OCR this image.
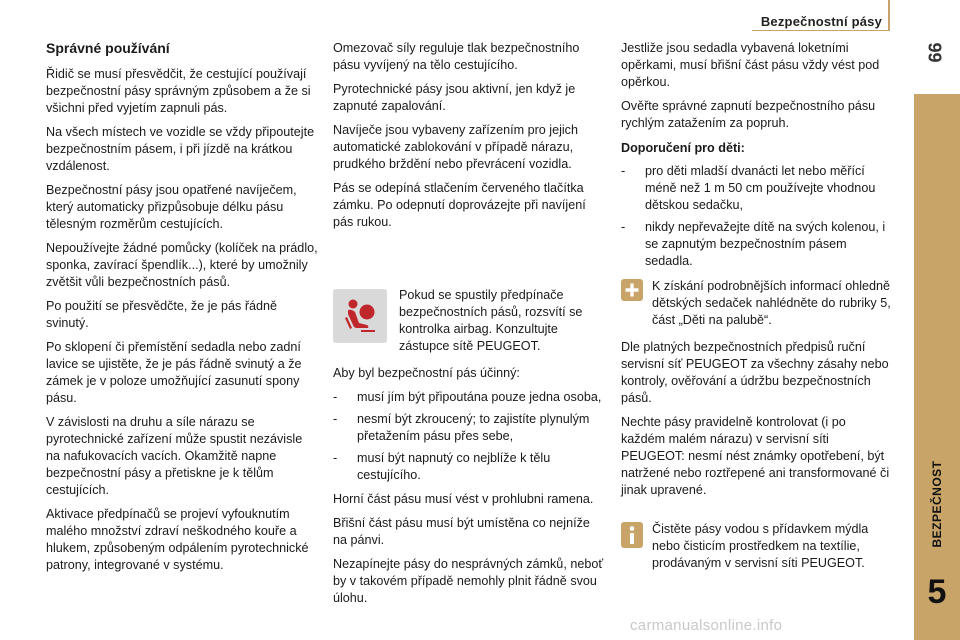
Bezpečnostní pásy
99
BEZPEČNOST
5
Správné používání

Řidič se musí přesvědčit, že cestující používají bezpečnostní pásy správným způsobem a že si všichni před vyjetím zapnuli pás.

Na všech místech ve vozidle se vždy připoutejte bezpečnostním pásem, i při jízdě na krátkou vzdálenost.

Bezpečnostní pásy jsou opatřené navíječem, který automaticky přizpůsobuje délku pásu tělesným rozměrům cestujících.

Nepoužívejte žádné pomůcky (kolíček na prádlo, sponka, zavírací špendlík...), které by umožnily zvětšit vůli bezpečnostních pásů.

Po použití se přesvědčte, že je pás řádně svinutý.

Po sklopení či přemístění sedadla nebo zadní lavice se ujistěte, že je pás řádně svinutý a že zámek je v poloze umožňující zasunutí spony pásu.

V závislosti na druhu a síle nárazu se pyrotechnické zařízení může spustit nezávisle na nafukovacích vacích. Okamžitě napne bezpečnostní pásy a přetiskne je k tělům cestujících.

Aktivace předpínačů se projeví vyfouknutím malého množství zdraví neškodného kouře a hlukem, způsobeným odpálením pyrotechnické patrony, integrované v systému.

Omezovač síly reguluje tlak bezpečnostního pásu vyvíjený na tělo cestujícího.

Pyrotechnické pásy jsou aktivní, jen když je zapnuté zapalování.

Navíječe jsou vybaveny zařízením pro jejich automatické zablokování v případě nárazu, prudkého brždění nebo převrácení vozidla.

Pás se odepíná stlačením červeného tlačítka zámku. Po odepnutí doprovázejte při navíjení pás rukou.

Pokud se spustily předpínače bezpečnostních pásů, rozsvítí se kontrolka airbag. Konzultujte zástupce sítě PEUGEOT.

Aby byl bezpečnostní pás účinný:

- musí jím být připoutána pouze jedna osoba,
- nesmí být zkroucený; to zajistíte plynulým přetažením pásu přes sebe,
- musí být napnutý co nejblíže k tělu cestujícího.

Horní část pásu musí vést v prohlubni ramena.

Břišní část pásu musí být umístěna co nejníže na pánvi.

Nezapínejte pásy do nesprávných zámků, neboť by v takovém případě nemohly plnit řádně svou úlohu.

Jestliže jsou sedadla vybavená loketními opěrkami, musí břišní část pásu vždy vést pod opěrkou.

Ověřte správné zapnutí bezpečnostního pásu rychlým zatažením za popruh.

Doporučení pro děti:
- pro děti mladší dvanácti let nebo měřící méně než 1 m 50 cm používejte vhodnou dětskou sedačku,
- nikdy nepřevažejte dítě na svých kolenou, i se zapnutým bezpečnostním pásem sedadla.
K získání podrobnějších informací ohledně dětských sedaček nahlédněte do rubriky 5, část „Děti na palubě“.

Dle platných bezpečnostních předpisů ruční servisní síť PEUGEOT za všechny zásahy nebo kontroly, ověřování a údržbu bezpečnostních pásů.

Nechte pásy pravidelně kontrolovat (i po každém malém nárazu) v servisní síti PEUGEOT: nesmí nést známky opotřebení, být natržené nebo roztřepené ani transformované či jinak upravené.

Čistěte pásy vodou s přídavkem mýdla nebo čisticím prostředkem na textílie, prodávaným v servisní síti PEUGEOT.
carmanualsonline.info
